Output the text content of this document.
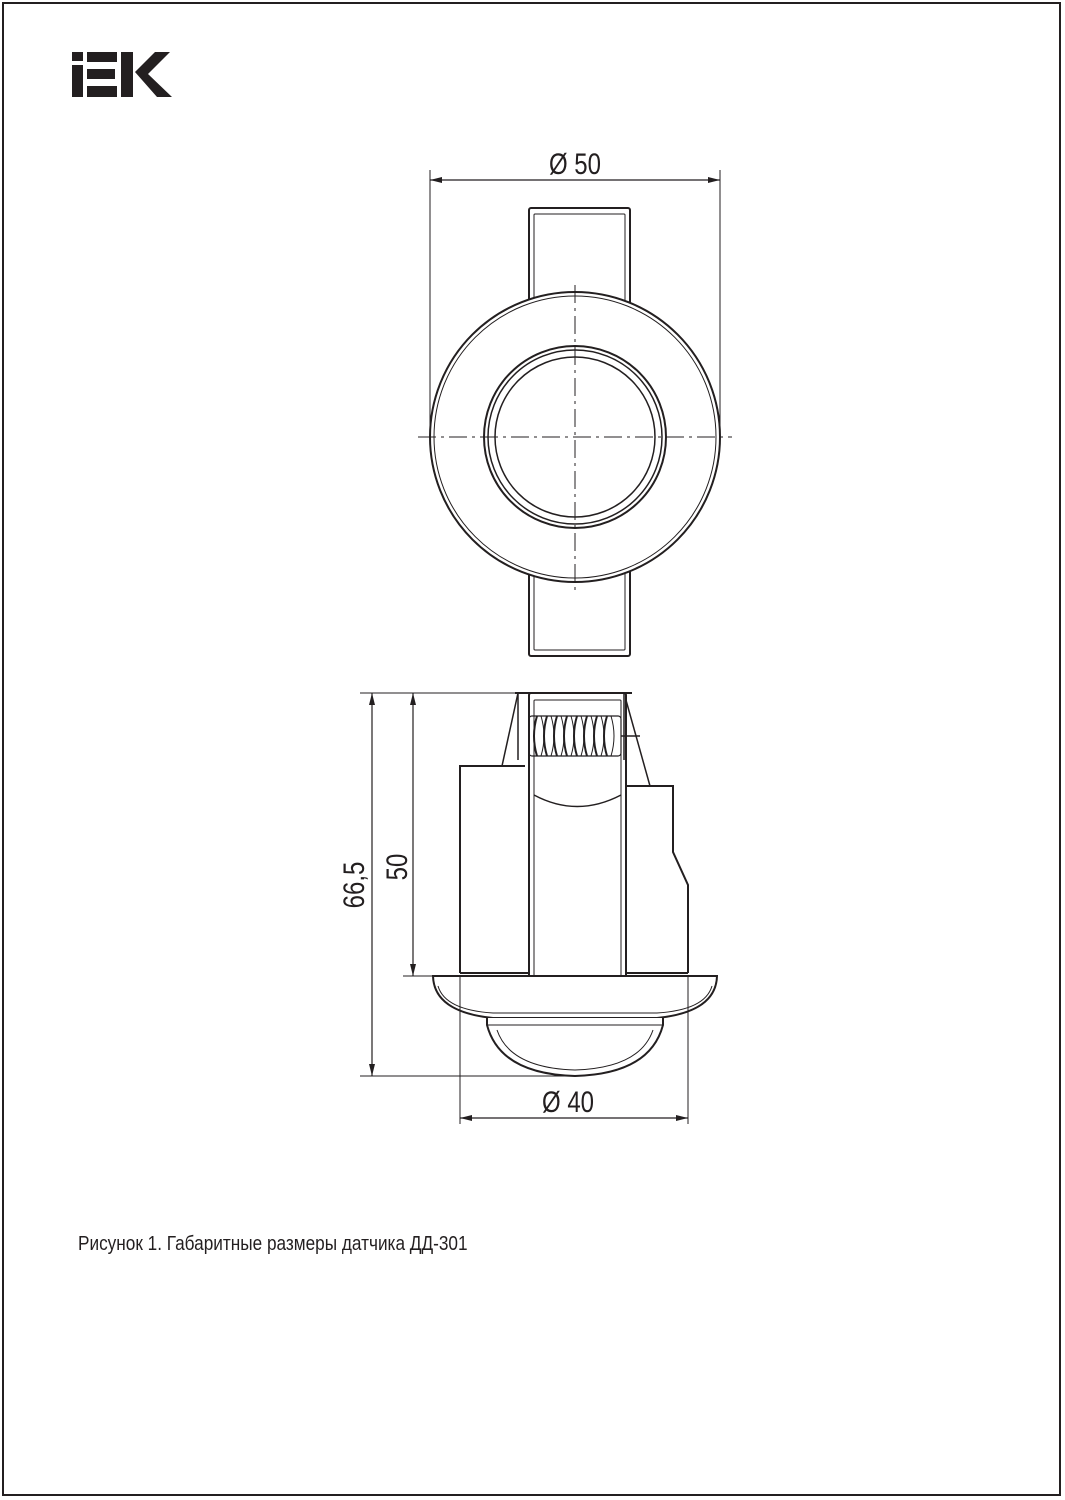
Ø 50
66,5 50
Ø 40
Рисунок 1. Габаритные размеры датчика ДД-301
